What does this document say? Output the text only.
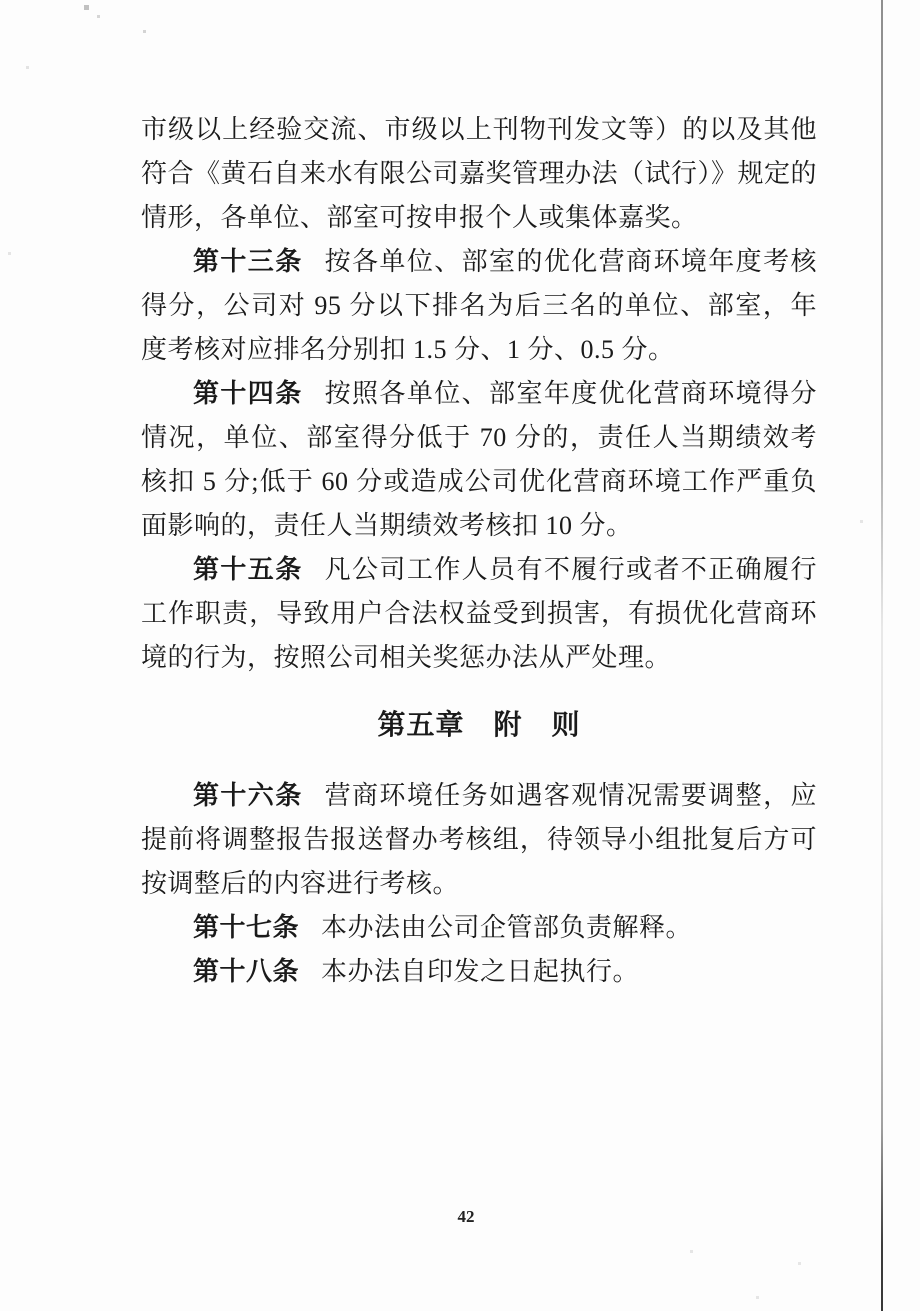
市级以上经验交流、市级以上刊物刊发文等）的以及其他符合《黄石自来水有限公司嘉奖管理办法（试行）》规定的情形，各单位、部室可按申报个人或集体嘉奖。

第十三条 按各单位、部室的优化营商环境年度考核得分，公司对 95 分以下排名为后三名的单位、部室，年度考核对应排名分别扣 1.5 分、1 分、0.5 分。

第十四条 按照各单位、部室年度优化营商环境得分情况，单位、部室得分低于 70 分的，责任人当期绩效考核扣 5 分;低于 60 分或造成公司优化营商环境工作严重负面影响的，责任人当期绩效考核扣 10 分。

第十五条 凡公司工作人员有不履行或者不正确履行工作职责，导致用户合法权益受到损害，有损优化营商环境的行为，按照公司相关奖惩办法从严处理。

第五章　附　则

第十六条 营商环境任务如遇客观情况需要调整，应提前将调整报告报送督办考核组，待领导小组批复后方可按调整后的内容进行考核。

第十七条 本办法由公司企管部负责解释。

第十八条 本办法自印发之日起执行。

42
